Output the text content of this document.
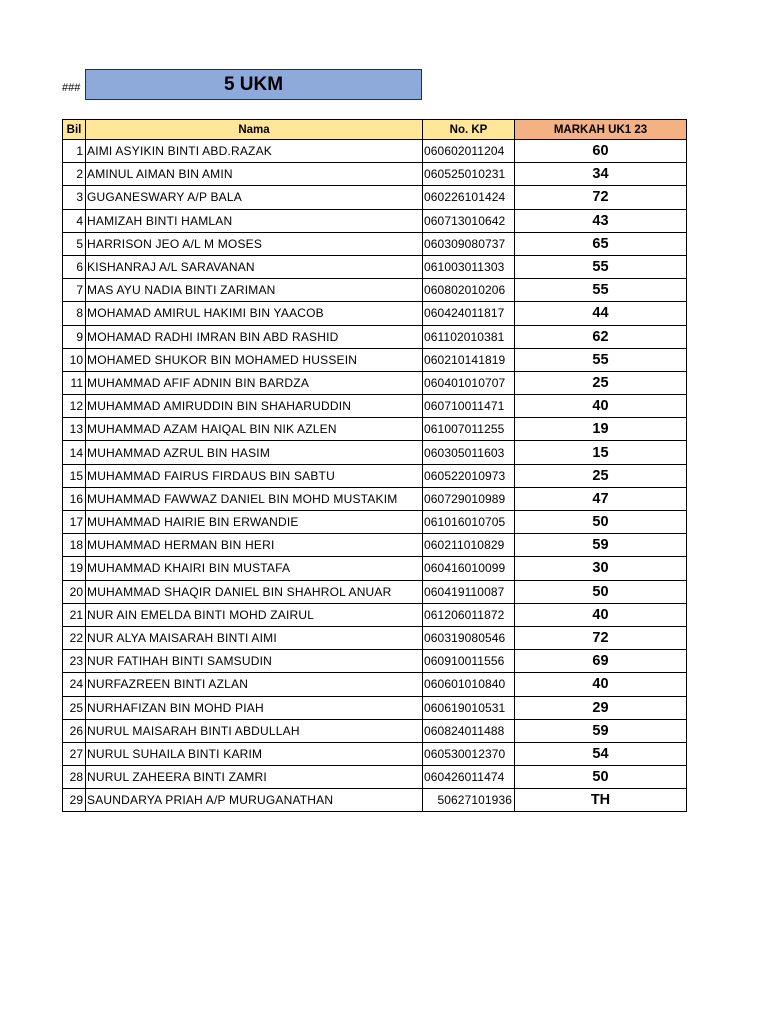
###	5 UKM
Bil	Nama	No. KP	MARKAH UK1 23
1	AIMI ASYIKIN BINTI ABD.RAZAK	060602011204	60
2	AMINUL AIMAN BIN AMIN	060525010231	34
3	GUGANESWARY A/P BALA	060226101424	72
4	HAMIZAH BINTI HAMLAN	060713010642	43
5	HARRISON JEO A/L M MOSES	060309080737	65
6	KISHANRAJ A/L SARAVANAN	061003011303	55
7	MAS AYU NADIA BINTI ZARIMAN	060802010206	55
8	MOHAMAD AMIRUL HAKIMI BIN YAACOB	060424011817	44
9	MOHAMAD RADHI IMRAN BIN ABD RASHID	061102010381	62
10	MOHAMED SHUKOR BIN MOHAMED HUSSEIN	060210141819	55
11	MUHAMMAD AFIF ADNIN BIN BARDZA	060401010707	25
12	MUHAMMAD AMIRUDDIN BIN SHAHARUDDIN	060710011471	40
13	MUHAMMAD AZAM HAIQAL BIN NIK AZLEN	061007011255	19
14	MUHAMMAD AZRUL BIN HASIM	060305011603	15
15	MUHAMMAD FAIRUS FIRDAUS BIN SABTU	060522010973	25
16	MUHAMMAD FAWWAZ DANIEL BIN MOHD MUSTAKIM	060729010989	47
17	MUHAMMAD HAIRIE BIN ERWANDIE	061016010705	50
18	MUHAMMAD HERMAN BIN HERI	060211010829	59
19	MUHAMMAD KHAIRI BIN MUSTAFA	060416010099	30
20	MUHAMMAD SHAQIR DANIEL BIN SHAHROL ANUAR	060419110087	50
21	NUR AIN EMELDA BINTI MOHD ZAIRUL	061206011872	40
22	NUR ALYA MAISARAH BINTI AIMI	060319080546	72
23	NUR FATIHAH BINTI SAMSUDIN	060910011556	69
24	NURFAZREEN BINTI AZLAN	060601010840	40
25	NURHAFIZAN BIN MOHD PIAH	060619010531	29
26	NURUL MAISARAH BINTI ABDULLAH	060824011488	59
27	NURUL SUHAILA BINTI KARIM	060530012370	54
28	NURUL ZAHEERA BINTI ZAMRI	060426011474	50
29	SAUNDARYA PRIAH A/P MURUGANATHAN	50627101936	TH
